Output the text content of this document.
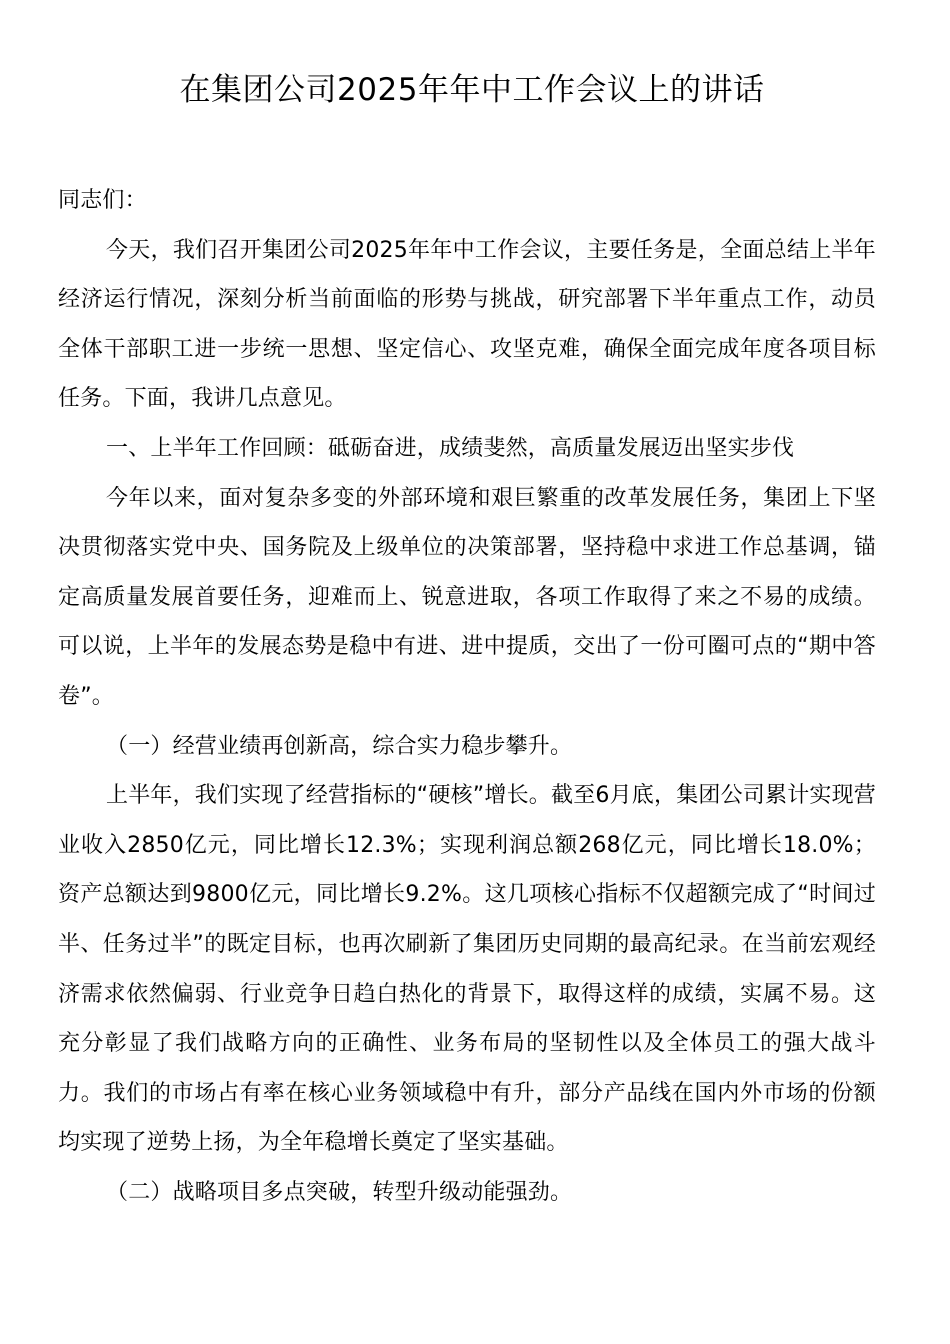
在集团公司2025年年中工作会议上的讲话

同志们：

今天，我们召开集团公司2025年年中工作会议，主要任务是，全面总结上半年经济运行情况，深刻分析当前面临的形势与挑战，研究部署下半年重点工作，动员全体干部职工进一步统一思想、坚定信心、攻坚克难，确保全面完成年度各项目标任务。下面，我讲几点意见。

一、上半年工作回顾：砥砺奋进，成绩斐然，高质量发展迈出坚实步伐

今年以来，面对复杂多变的外部环境和艰巨繁重的改革发展任务，集团上下坚决贯彻落实党中央、国务院及上级单位的决策部署，坚持稳中求进工作总基调，锚定高质量发展首要任务，迎难而上、锐意进取，各项工作取得了来之不易的成绩。可以说，上半年的发展态势是稳中有进、进中提质，交出了一份可圈可点的“期中答卷”。

（一）经营业绩再创新高，综合实力稳步攀升。

上半年，我们实现了经营指标的“硬核”增长。截至6月底，集团公司累计实现营业收入2850亿元，同比增长12.3%；实现利润总额268亿元，同比增长18.0%；资产总额达到9800亿元，同比增长9.2%。这几项核心指标不仅超额完成了“时间过半、任务过半”的既定目标，也再次刷新了集团历史同期的最高纪录。在当前宏观经济需求依然偏弱、行业竞争日趋白热化的背景下，取得这样的成绩，实属不易。这充分彰显了我们战略方向的正确性、业务布局的坚韧性以及全体员工的强大战斗力。我们的市场占有率在核心业务领域稳中有升，部分产品线在国内外市场的份额均实现了逆势上扬，为全年稳增长奠定了坚实基础。

（二）战略项目多点突破，转型升级动能强劲。
